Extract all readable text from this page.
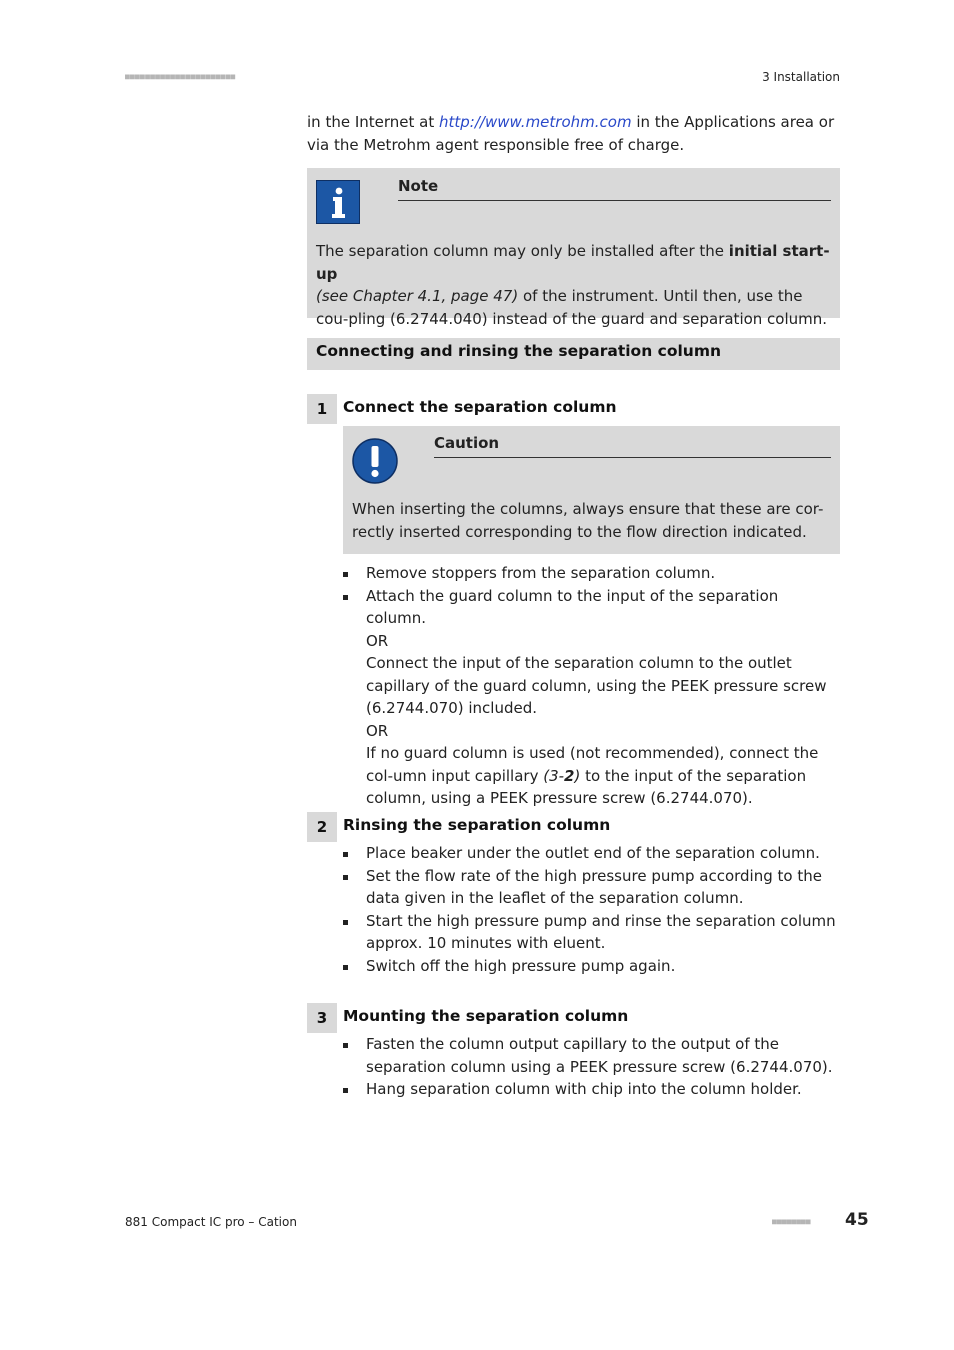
■■■■■■■■■■■■■■■■■■■■■■	3 Installation
in the Internet at http://www.metrohm.com in the Applications area or via the Metrohm agent responsible free of charge.
Note
The separation column may only be installed after the initial start-up
(see Chapter 4.1, page 47) of the instrument. Until then, use the cou-pling (6.2744.040) instead of the guard and separation column.
Connecting and rinsing the separation column
1	Connect the separation column
Caution
When inserting the columns, always ensure that these are cor-rectly inserted corresponding to the flow direction indicated.
Remove stoppers from the separation column.
Attach the guard column to the input of the separation column.
OR
Connect the input of the separation column to the outlet capillary of the guard column, using the PEEK pressure screw (6.2744.070) included.
OR
If no guard column is used (not recommended), connect the col-umn input capillary (3-2) to the input of the separation column, using a PEEK pressure screw (6.2744.070).
2	Rinsing the separation column
Place beaker under the outlet end of the separation column.
Set the flow rate of the high pressure pump according to the data given in the leaflet of the separation column.
Start the high pressure pump and rinse the separation column approx. 10 minutes with eluent.
Switch off the high pressure pump again.
3	Mounting the separation column
Fasten the column output capillary to the output of the separation column using a PEEK pressure screw (6.2744.070).
Hang separation column with chip into the column holder.
881 Compact IC pro – Cation	■■■■■■■■ 45
